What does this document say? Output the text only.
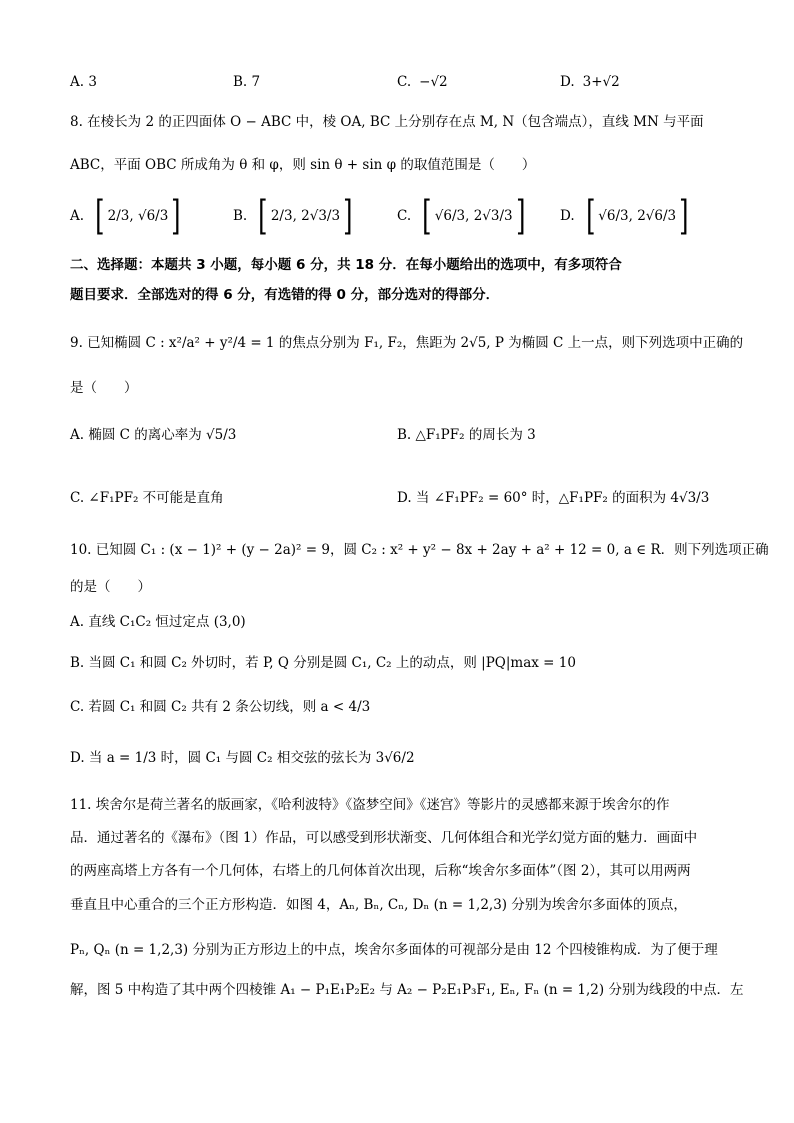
A. 3	B. 7	C. −√2	D. 3+√2
8. 在棱长为 2 的正四面体 O − ABC 中，棱 OA, BC 上分别存在点 M, N（包含端点），直线 MN 与平面
ABC，平面 OBC 所成角为 θ 和 φ，则 sin θ + sin φ 的取值范围是（　　）
A. [ 2/3 , √6/3 ]	B. [ 2/3 , 2√3/3 ]	C. [ √6/3 , 2√3/3 ]	D. [ √6/3 , 2√6/3 ]
二、选择题：本题共 3 小题，每小题 6 分，共 18 分．在每小题给出的选项中，有多项符合
题目要求．全部选对的得 6 分，有选错的得 0 分，部分选对的得部分．
9. 已知椭圆 C : x²/a² + y²/4 = 1 的焦点分别为 F₁, F₂，焦距为 2√5, P 为椭圆 C 上一点，则下列选项中正确的
是（　　）
A. 椭圆 C 的离心率为 √5/3	B. △F₁PF₂ 的周长为 3
C. ∠F₁PF₂ 不可能是直角	D. 当 ∠F₁PF₂ = 60° 时，△F₁PF₂ 的面积为 4√3/3
10. 已知圆 C₁ : (x − 1)² + (y − 2a)² = 9，圆 C₂ : x² + y² − 8x + 2ay + a² + 12 = 0, a ∈ R．则下列选项正确
的是（　　）
A. 直线 C₁C₂ 恒过定点 (3,0)
B. 当圆 C₁ 和圆 C₂ 外切时，若 P, Q 分别是圆 C₁, C₂ 上的动点，则 |PQ|max = 10
C. 若圆 C₁ 和圆 C₂ 共有 2 条公切线，则 a < 4/3
D. 当 a = 1/3 时，圆 C₁ 与圆 C₂ 相交弦的弦长为 3√6/2
11. 埃舍尔是荷兰著名的版画家，《哈利波特》《盗梦空间》《迷宫》等影片的灵感都来源于埃舍尔的作
品．通过著名的《瀑布》（图 1）作品，可以感受到形状渐变、几何体组合和光学幻觉方面的魅力．画面中
的两座高塔上方各有一个几何体，右塔上的几何体首次出现，后称“埃舍尔多面体”（图 2），其可以用两两
垂直且中心重合的三个正方形构造．如图 4，Aₙ, Bₙ, Cₙ, Dₙ (n = 1,2,3) 分别为埃舍尔多面体的顶点，
Pₙ, Qₙ (n = 1,2,3) 分别为正方形边上的中点，埃舍尔多面体的可视部分是由 12 个四棱锥构成．为了便于理
解，图 5 中构造了其中两个四棱锥 A₁ − P₁E₁P₂E₂ 与 A₂ − P₂E₁P₃F₁, Eₙ, Fₙ (n = 1,2) 分别为线段的中点．左
